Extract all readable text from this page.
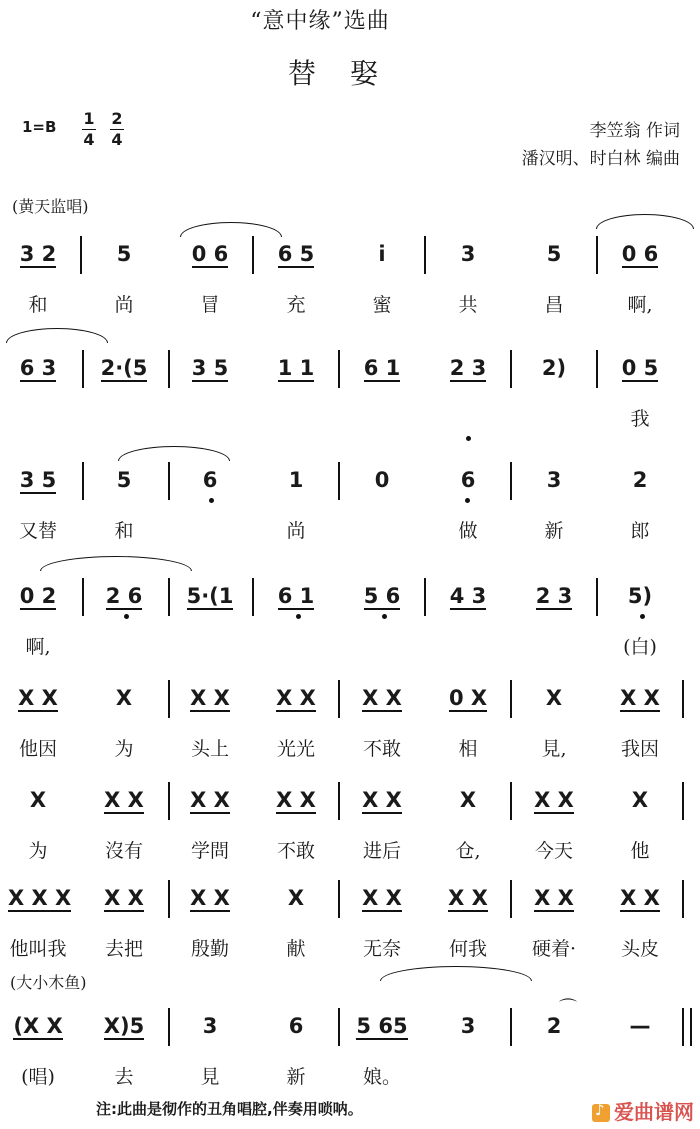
“意中缘”选曲
替娶
1=B 1
4
2
4	李笠翁 作词
潘汉明、时白林 编曲
(黄天监唱)
(大小木鱼)
3 2
和
5
尚
0 6
冒
6 5
充
i
蜜
3
共
5
昌
0 6
啊,
6 3	2·(5	3 5	1 1	6 1	2 3	2)	0 5
我
3 5
又替
5
和
6	1
尚
0	6
做
3
新
2
郎
0 2
啊,
2 6	5·(1	6 1	5 6	4 3	2 3	5)
(白)
X X
他因
X
为
X X
头上
X X
光光
X X
不敢
0 X
相
X
見,
X X
我因
X
为
X X
沒有
X X
学問
X X
不敢
X X
进后
X
仓,
X X
今天
X
他
X X X
他叫我
X X
去把
X X
殷勤
X
献
X X
无奈
X X
何我
X X
硬着·
X X
头皮
(X X
(唱)
X)5
去
3
見
6
新
5 65
娘。
3	2	—
⌒
注:此曲是彻作的丑角唱腔,伴奏用唢呐。
♪	爱曲谱网
